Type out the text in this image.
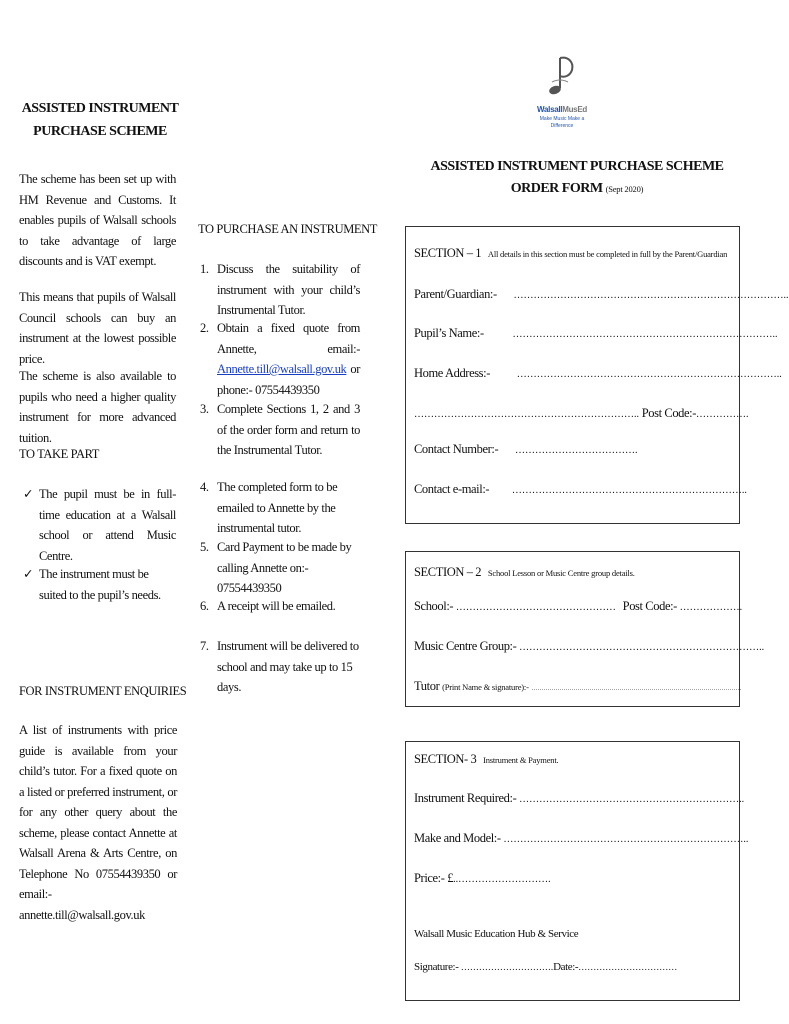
ASSISTED INSTRUMENT
PURCHASE SCHEME
The scheme has been set up with HM Revenue and Customs. It enables pupils of Walsall schools to take advantage of large discounts and is VAT exempt.
This means that pupils of Walsall Council schools can buy an instrument at the lowest possible price.
The scheme is also available to pupils who need a higher quality instrument for more advanced tuition.
TO TAKE PART
✓ The pupil must be in full-time education at a Walsall school or attend Music Centre.
✓ The instrument must be suited to the pupil’s needs.
FOR INSTRUMENT ENQUIRIES
A list of instruments with price guide is available from your child’s tutor. For a fixed quote on a listed or preferred instrument, or for any other query about the scheme, please contact Annette at Walsall Arena & Arts Centre, on Telephone No 07554439350 or email:- annette.till@walsall.gov.uk
TO PURCHASE AN INSTRUMENT
1. Discuss the suitability of instrument with your child’s Instrumental Tutor.
2. Obtain a fixed quote from Annette, email:- Annette.till@walsall.gov.uk or phone:- 07554439350
3. Complete Sections 1, 2 and 3 of the order form and return to the Instrumental Tutor.
4. The completed form to be emailed to Annette by the instrumental tutor.
5. Card Payment to be made by calling Annette on:- 07554439350
6. A receipt will be emailed.
7. Instrument will be delivered to school and may take up to 15 days.
WalsallMusEd
Make Music Make a
Difference
ASSISTED INSTRUMENT PURCHASE SCHEME
ORDER FORM (Sept 2020)
SECTION – 1 All details in this section must be completed in full by the Parent/Guardian
Parent/Guardian:- ………………………………………………………………………..
Pupil’s Name:-	……………………………………………………………………..
Home Address:-	……………………………………………………………………..
………………………………………………………….. Post Code:-…………….
Contact Number:- ……………………………….
Contact e-mail:- ……………………………………………………………..
SECTION – 2 School Lesson or Music Centre group details.
School:- ………………………………………… Post Code:- ……………….
Music Centre Group:- ………………………………………………………………..
Tutor (Print Name & signature):- ……………………………………………………………………………………………
SECTION- 3 Instrument & Payment.
Instrument Required:- …………………………………………………………..
Make and Model:- ………………………………………………………………..
Price:- £..……………………….
Walsall Music Education Hub & Service
Signature:- ………………………….Date:-……………………………
